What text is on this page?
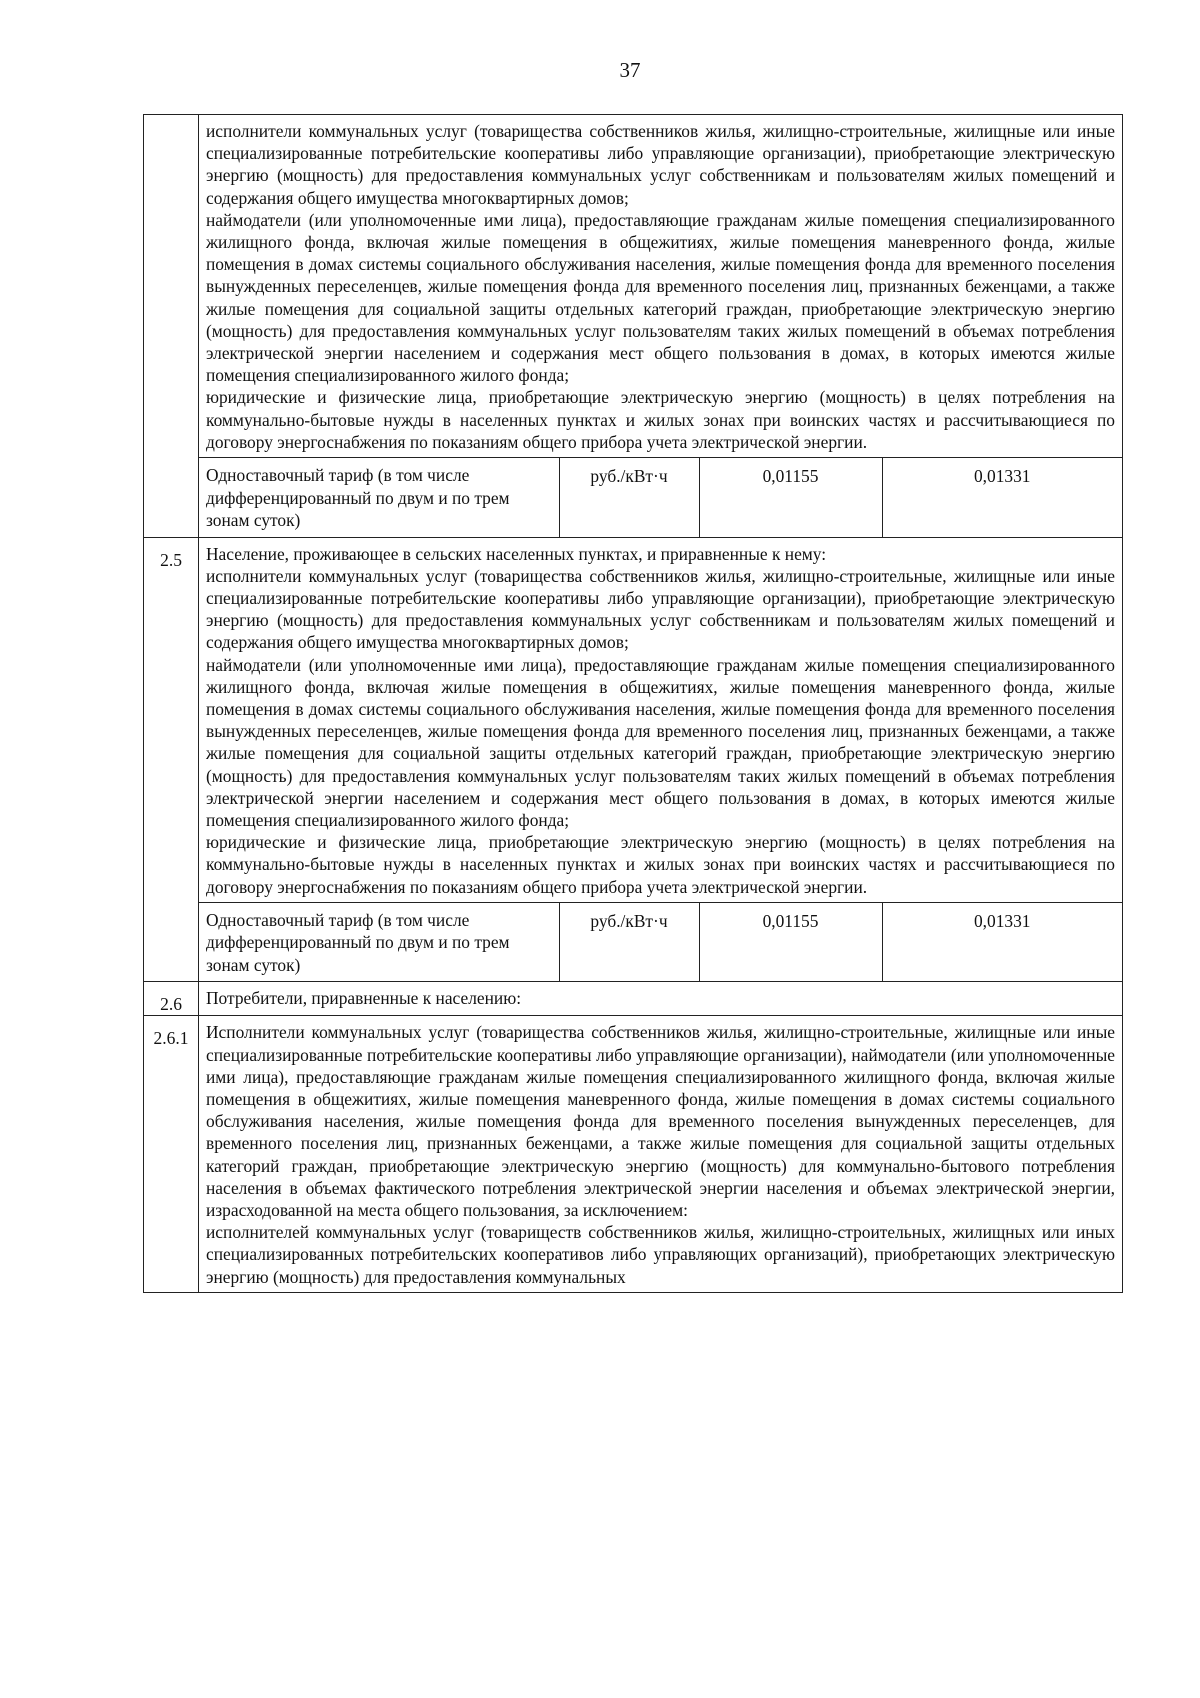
37

исполнители коммунальных услуг (товарищества собственников жилья, жилищно-строительные, жилищные или иные специализированные потребительские кооперативы либо управляющие организации), приобретающие электрическую энергию (мощность) для предоставления коммунальных услуг собственникам и пользователям жилых помещений и содержания общего имущества многоквартирных домов;

наймодатели (или уполномоченные ими лица), предоставляющие гражданам жилые помещения специализированного жилищного фонда, включая жилые помещения в общежитиях, жилые помещения маневренного фонда, жилые помещения в домах системы социального обслуживания населения, жилые помещения фонда для временного поселения вынужденных переселенцев, жилые помещения фонда для временного поселения лиц, признанных беженцами, а также жилые помещения для социальной защиты отдельных категорий граждан, приобретающие электрическую энергию (мощность) для предоставления коммунальных услуг пользователям таких жилых помещений в объемах потребления электрической энергии населением и содержания мест общего пользования в домах, в которых имеются жилые помещения специализированного жилого фонда;

юридические и физические лица, приобретающие электрическую энергию (мощность) в целях потребления на коммунально-бытовые нужды в населенных пунктах и жилых зонах при воинских частях и рассчитывающиеся по договору энергоснабжения по показаниям общего прибора учета электрической энергии.

Одноставочный тариф (в том числе дифференцированный по двум и по трем зонам суток)	руб./кВт·ч	0,01155	0,01331

2.5	Население, проживающее в сельских населенных пунктах, и приравненные к нему:

исполнители коммунальных услуг (товарищества собственников жилья, жилищно-строительные, жилищные или иные специализированные потребительские кооперативы либо управляющие организации), приобретающие электрическую энергию (мощность) для предоставления коммунальных услуг собственникам и пользователям жилых помещений и содержания общего имущества многоквартирных домов;

наймодатели (или уполномоченные ими лица), предоставляющие гражданам жилые помещения специализированного жилищного фонда, включая жилые помещения в общежитиях, жилые помещения маневренного фонда, жилые помещения в домах системы социального обслуживания населения, жилые помещения фонда для временного поселения вынужденных переселенцев, жилые помещения фонда для временного поселения лиц, признанных беженцами, а также жилые помещения для социальной защиты отдельных категорий граждан, приобретающие электрическую энергию (мощность) для предоставления коммунальных услуг пользователям таких жилых помещений в объемах потребления электрической энергии населением и содержания мест общего пользования в домах, в которых имеются жилые помещения специализированного жилого фонда;

юридические и физические лица, приобретающие электрическую энергию (мощность) в целях потребления на коммунально-бытовые нужды в населенных пунктах и жилых зонах при воинских частях и рассчитывающиеся по договору энергоснабжения по показаниям общего прибора учета электрической энергии.

Одноставочный тариф (в том числе дифференцированный по двум и по трем зонам суток)	руб./кВт·ч	0,01155	0,01331

2.6	Потребители, приравненные к населению:

2.6.1	Исполнители коммунальных услуг (товарищества собственников жилья, жилищно-строительные, жилищные или иные специализированные потребительские кооперативы либо управляющие организации), наймодатели (или уполномоченные ими лица), предоставляющие гражданам жилые помещения специализированного жилищного фонда, включая жилые помещения в общежитиях, жилые помещения маневренного фонда, жилые помещения в домах системы социального обслуживания населения, жилые помещения фонда для временного поселения вынужденных переселенцев, для временного поселения лиц, признанных беженцами, а также жилые помещения для социальной защиты отдельных категорий граждан, приобретающие электрическую энергию (мощность) для коммунально-бытового потребления населения в объемах фактического потребления электрической энергии населения и объемах электрической энергии, израсходованной на места общего пользования, за исключением:

исполнителей коммунальных услуг (товариществ собственников жилья, жилищно-строительных, жилищных или иных специализированных потребительских кооперативов либо управляющих организаций), приобретающих электрическую энергию (мощность) для предоставления коммунальных
